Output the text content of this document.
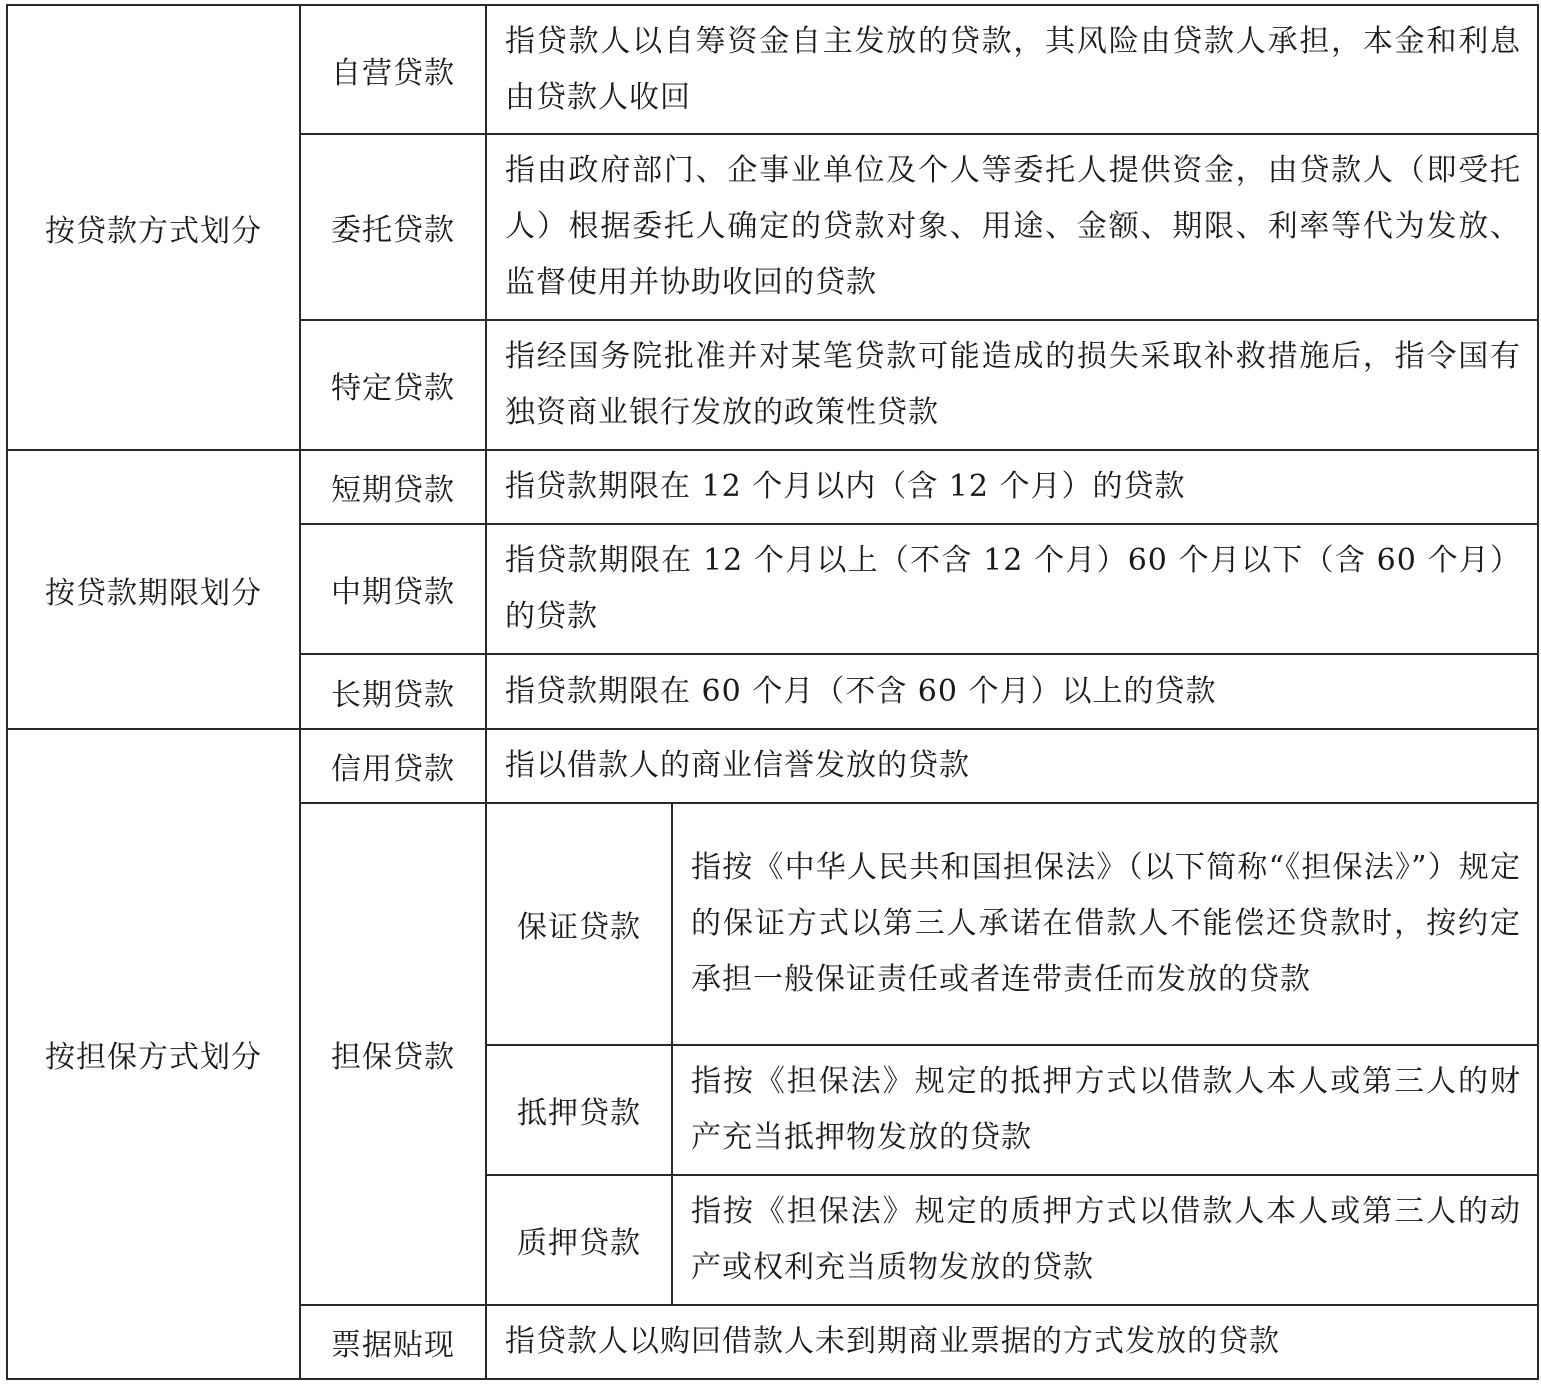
按贷款方式划分	自营贷款	指贷款人以自筹资金自主发放的贷款，其风险由贷款人承担，本金和利息由贷款人收回	
	委托贷款	指由政府部门、企事业单位及个人等委托人提供资金，由贷款人（即受托人）根据委托人确定的贷款对象、用途、金额、期限、利率等代为发放、监督使用并协助收回的贷款	
	特定贷款	指经国务院批准并对某笔贷款可能造成的损失采取补救措施后，指令国有独资商业银行发放的政策性贷款	
按贷款期限划分	短期贷款	指贷款期限在 12 个月以内（含 12 个月）的贷款	
	中期贷款	指贷款期限在 12 个月以上（不含 12 个月）60 个月以下（含 60 个月）的贷款	
	长期贷款	指贷款期限在 60 个月（不含 60 个月）以上的贷款	
按担保方式划分	信用贷款	指以借款人的商业信誉发放的贷款	
	担保贷款	保证贷款	指按《中华人民共和国担保法》（以下简称“《担保法》”）规定的保证方式以第三人承诺在借款人不能偿还贷款时，按约定承担一般保证责任或者连带责任而发放的贷款
		抵押贷款	指按《担保法》规定的抵押方式以借款人本人或第三人的财产充当抵押物发放的贷款
		质押贷款	指按《担保法》规定的质押方式以借款人本人或第三人的动产或权利充当质物发放的贷款
	票据贴现	指贷款人以购回借款人未到期商业票据的方式发放的贷款	
